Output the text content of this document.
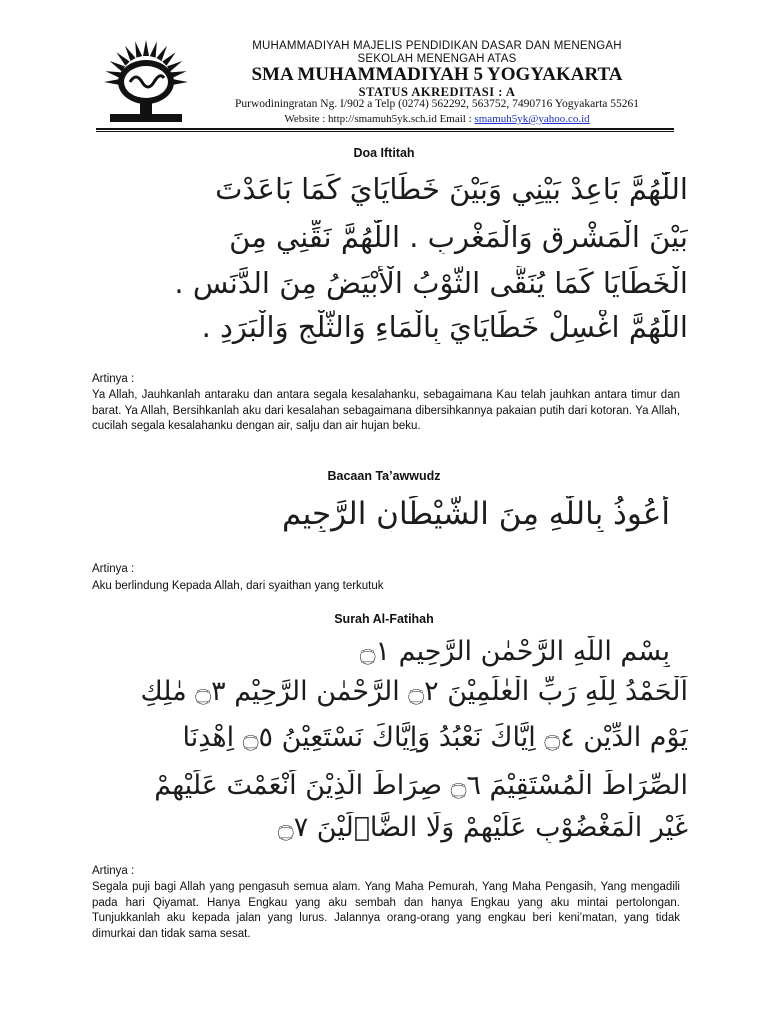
MUHAMMADIYAH MAJELIS PENDIDIKAN DASAR DAN MENENGAH
SEKOLAH MENENGAH ATAS
SMA MUHAMMADIYAH 5 YOGYAKARTA
STATUS AKREDITASI : A
Purwodiningratan Ng. I/902 a Telp (0274) 562292, 563752, 7490716 Yogyakarta 55261
Website : http://smamuh5yk.sch.id Email : smamuh5yk@yahoo.co.id
Doa Iftitah
اللّٰهُمَّ بَاعِدْ بَيْنِي وَبَيْنَ خَطَايَايَ كَمَا بَاعَدْتَ
بَيْنَ الْمَشْرِقِ وَالْمَغْرِبِ . اللّٰهُمَّ نَقِّنِي مِنَ
الْخَطَايَا كَمَا يُنَقَّى الثَّوْبُ الْأَبْيَضُ مِنَ الدَّنَسِ .
اللّٰهُمَّ اغْسِلْ خَطَايَايَ بِالْمَاءِ وَالثَّلْجِ وَالْبَرَدِ .
Artinya :
Ya Allah, Jauhkanlah antaraku dan antara segala kesalahanku, sebagaimana Kau telah jauhkan antara timur dan barat. Ya Allah, Bersihkanlah aku dari kesalahan sebagaimana dibersihkannya pakaian putih dari kotoran. Ya Allah, cucilah segala kesalahanku dengan air, salju dan air hujan beku.
Bacaan Ta’awwudz
أَعُوذُ بِاللّٰهِ مِنَ الشَّيْطَانِ الرَّجِيمِ
Artinya :
Aku berlindung Kepada Allah, dari syaithan yang terkutuk
Surah Al-Fatihah
بِسْمِ اللّٰهِ الرَّحْمٰنِ الرَّحِيمِ ۝١
اَلْحَمْدُ لِلّٰهِ رَبِّ الْعٰلَمِيْنَ ۝٢ الرَّحْمٰنِ الرَّحِيْمِ ۝٣ مٰلِكِ
يَوْمِ الدِّيْنِ ۝٤ اِيَّاكَ نَعْبُدُ وَاِيَّاكَ نَسْتَعِيْنُ ۝٥ اِهْدِنَا
الصِّرَاطَ الْمُسْتَقِيْمَ ۝٦ صِرَاطَ الَّذِيْنَ اَنْعَمْتَ عَلَيْهِمْ
غَيْرِ الْمَغْضُوْبِ عَلَيْهِمْ وَلَا الضَّاۤلِّيْنَ ۝٧
Artinya :
Segala puji bagi Allah yang pengasuh semua alam. Yang Maha Pemurah, Yang Maha Pengasih, Yang mengadili pada hari Qiyamat. Hanya Engkau yang aku sembah dan hanya Engkau yang aku mintai pertolongan. Tunjukkanlah aku kepada jalan yang lurus. Jalannya orang-orang yang engkau beri keni’matan, yang tidak dimurkai dan tidak sama sesat.
